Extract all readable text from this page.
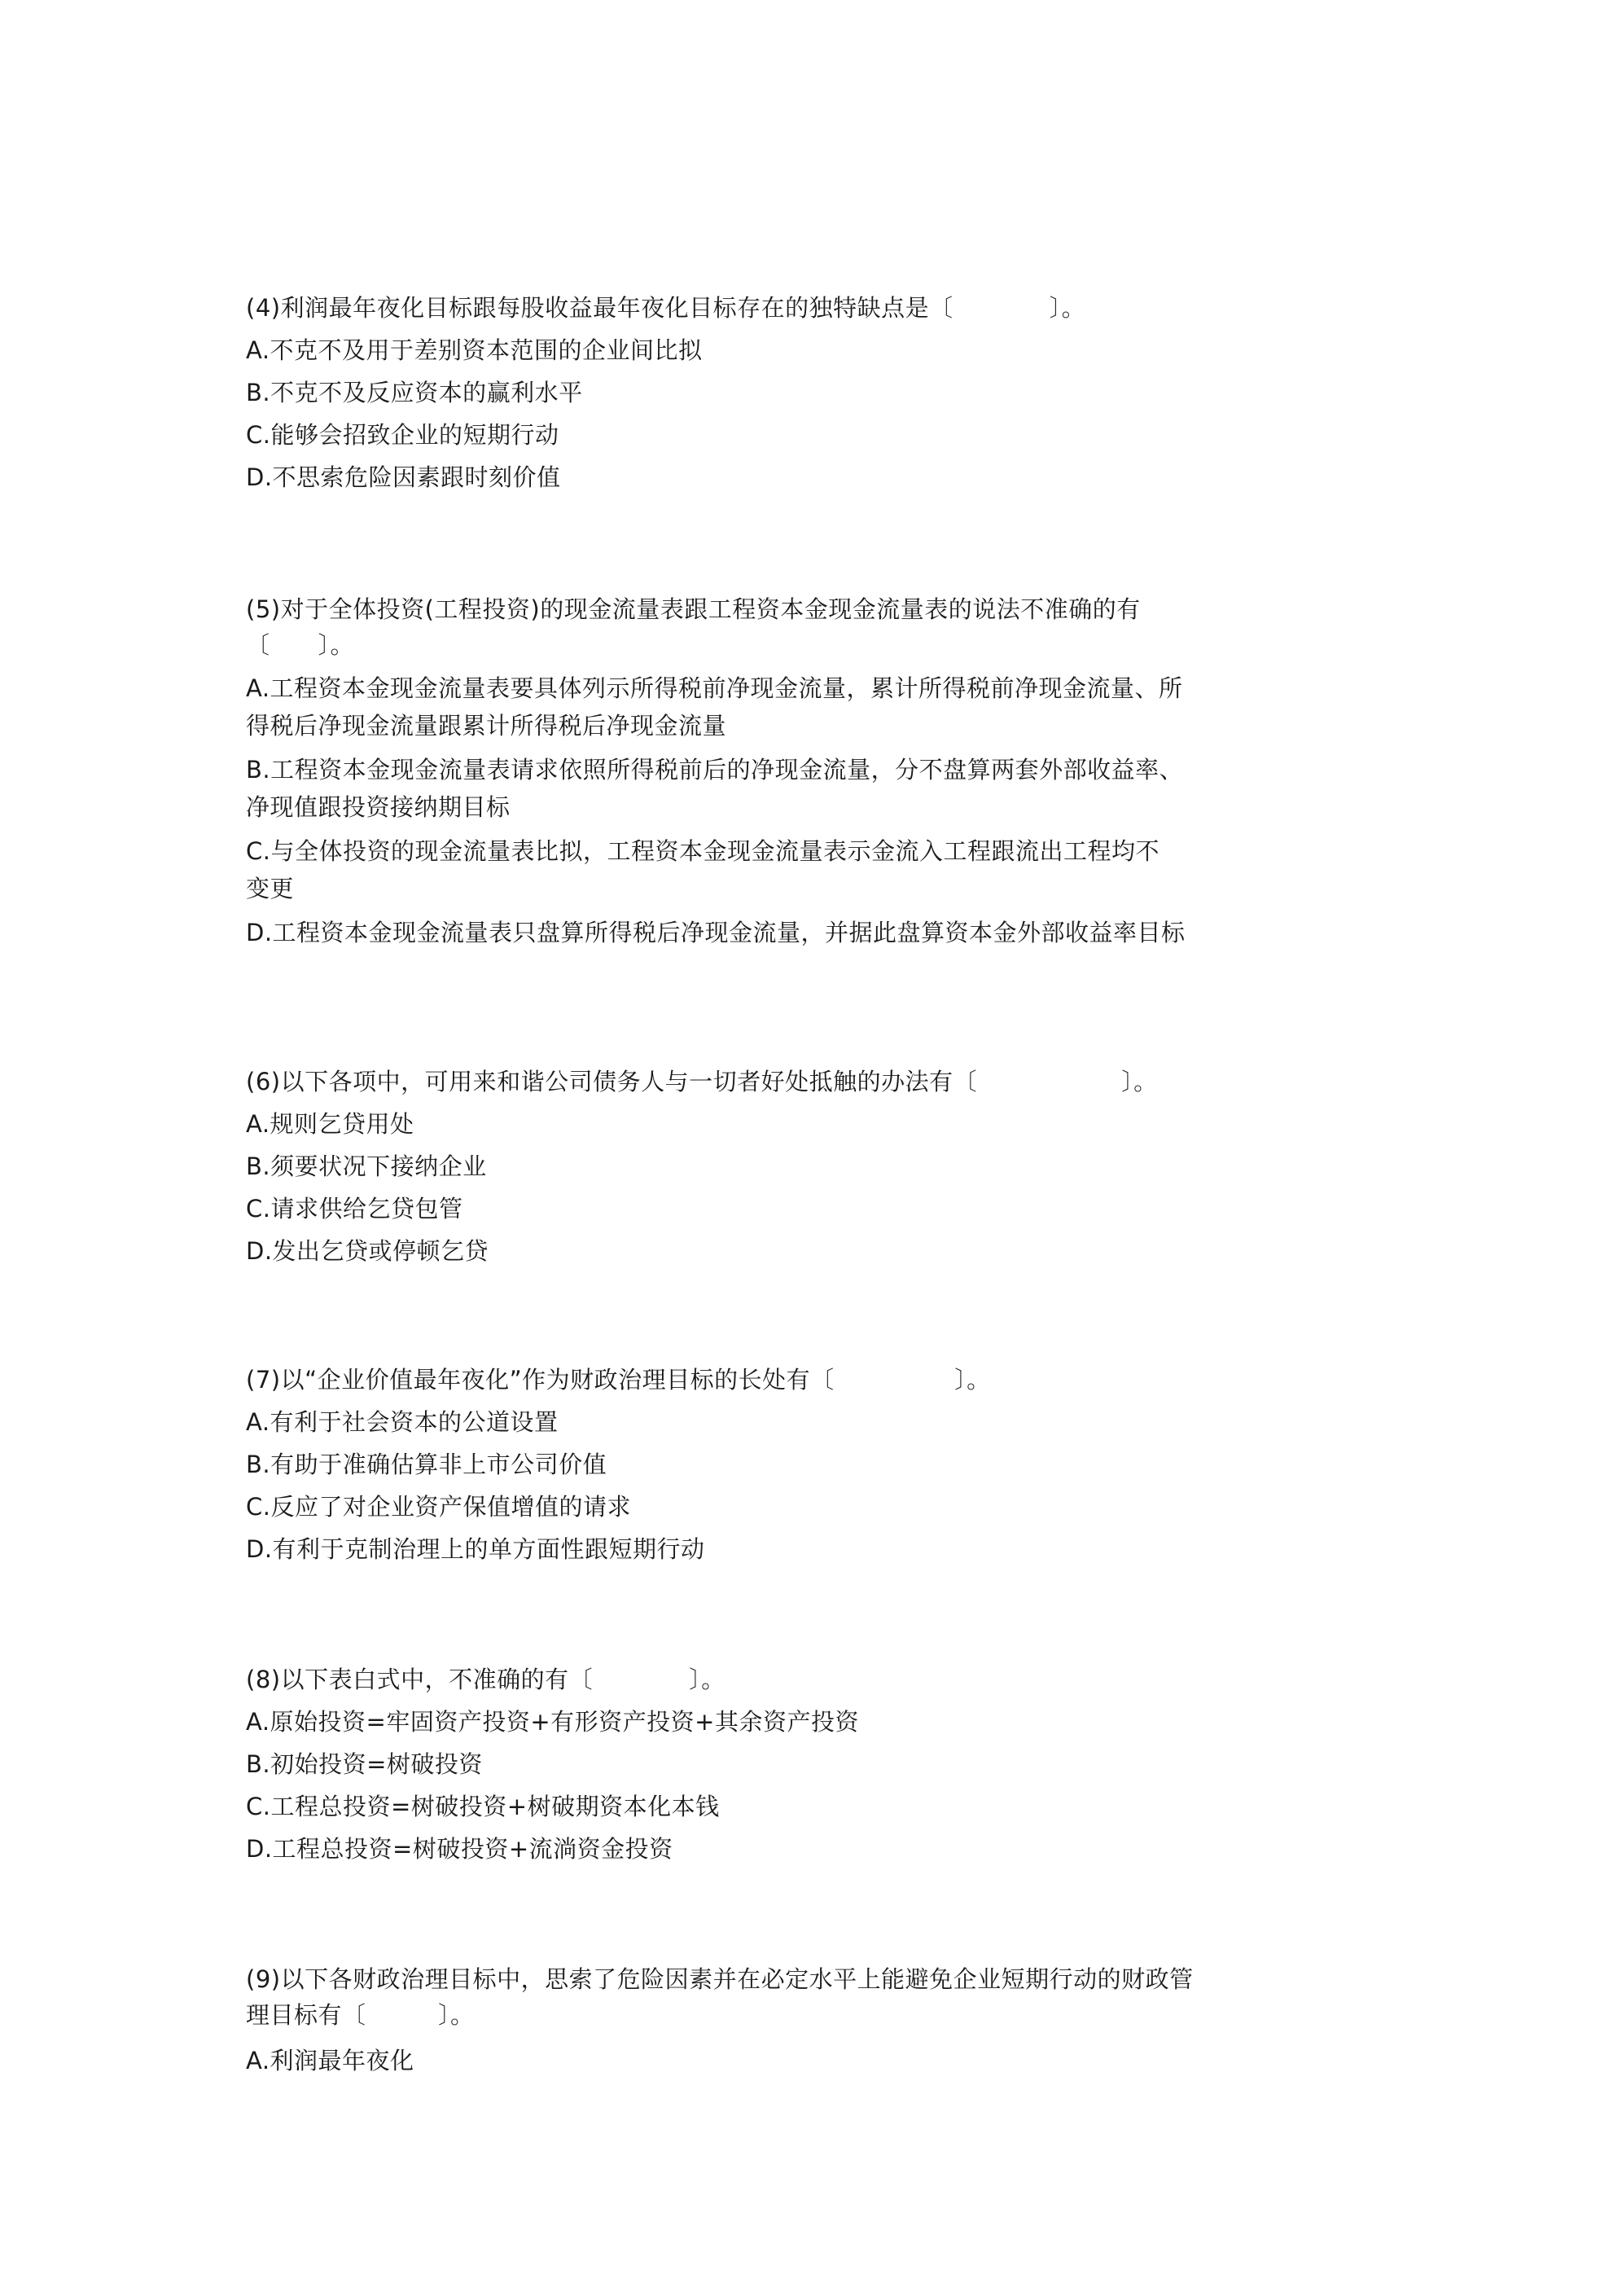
(4)利润最年夜化目标跟每股收益最年夜化目标存在的独特缺点是〔　　　　〕。
A.不克不及用于差别资本范围的企业间比拟
B.不克不及反应资本的赢利水平
C.能够会招致企业的短期行动
D.不思索危险因素跟时刻价值
(5)对于全体投资(工程投资)的现金流量表跟工程资本金现金流量表的说法不准确的有
〔　　〕。
A.工程资本金现金流量表要具体列示所得税前净现金流量，累计所得税前净现金流量、所
得税后净现金流量跟累计所得税后净现金流量
B.工程资本金现金流量表请求依照所得税前后的净现金流量，分不盘算两套外部收益率、
净现值跟投资接纳期目标
C.与全体投资的现金流量表比拟，工程资本金现金流量表示金流入工程跟流出工程均不
变更
D.工程资本金现金流量表只盘算所得税后净现金流量，并据此盘算资本金外部收益率目标
(6)以下各项中，可用来和谐公司债务人与一切者好处抵触的办法有〔　　　　　　〕。
A.规则乞贷用处
B.须要状况下接纳企业
C.请求供给乞贷包管
D.发出乞贷或停顿乞贷
(7)以“企业价值最年夜化”作为财政治理目标的长处有〔　　　　　〕。
A.有利于社会资本的公道设置
B.有助于准确估算非上市公司价值
C.反应了对企业资产保值增值的请求
D.有利于克制治理上的单方面性跟短期行动
(8)以下表白式中，不准确的有〔　　　　〕。
A.原始投资=牢固资产投资+有形资产投资+其余资产投资
B.初始投资=树破投资
C.工程总投资=树破投资+树破期资本化本钱
D.工程总投资=树破投资+流淌资金投资
(9)以下各财政治理目标中，思索了危险因素并在必定水平上能避免企业短期行动的财政管
理目标有〔　　　〕。
A.利润最年夜化
